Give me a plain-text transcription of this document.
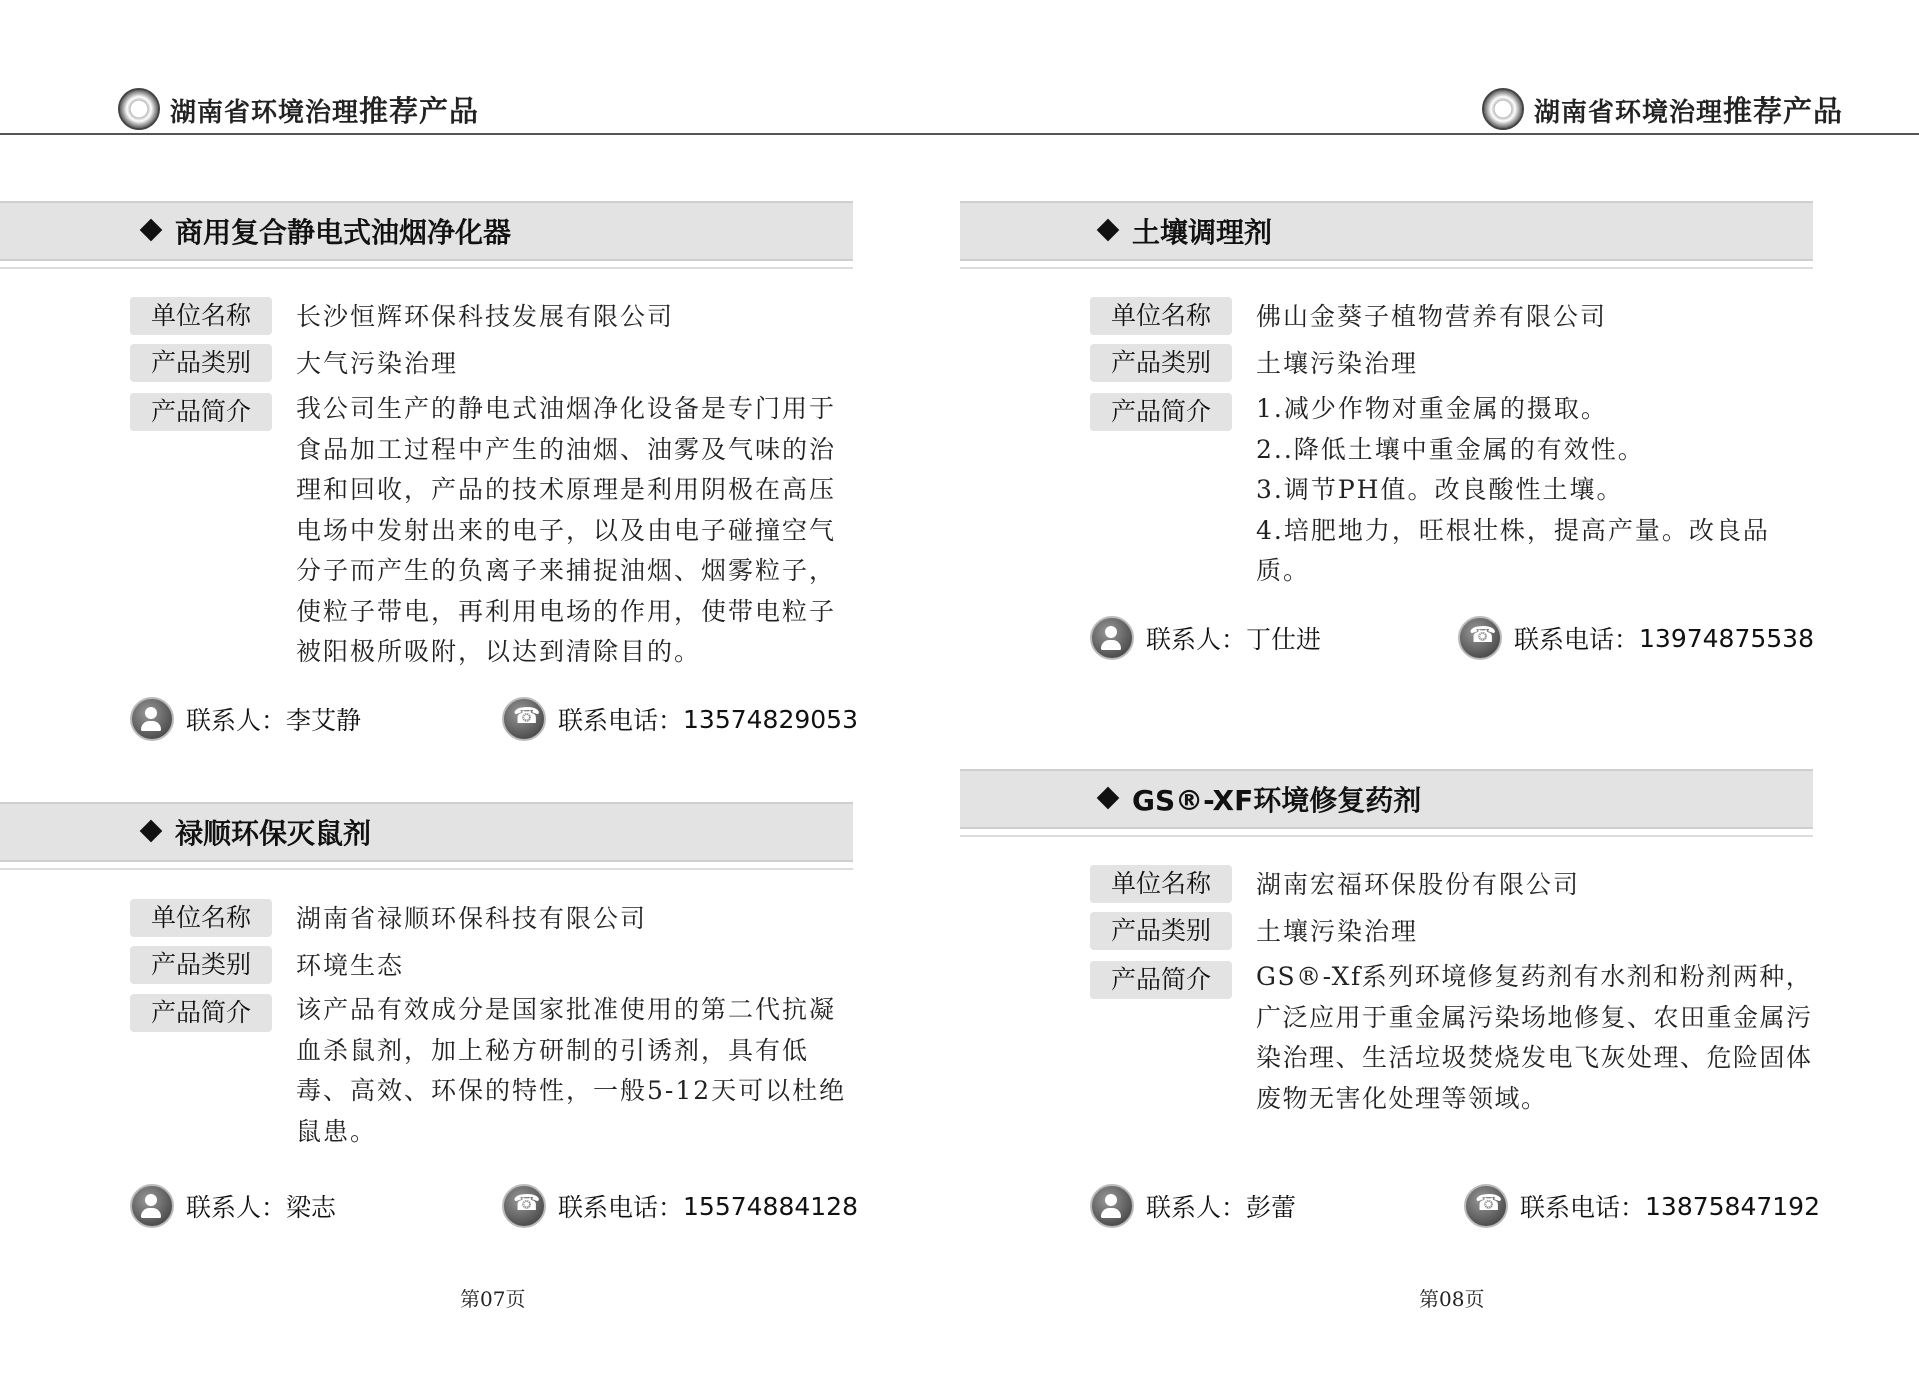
湖南省环境治理推荐产品	湖南省环境治理推荐产品
商用复合静电式油烟净化器
单位名称	长沙恒辉环保科技发展有限公司
产品类别	大气污染治理
产品简介	我公司生产的静电式油烟净化设备是专门用于食品加工过程中产生的油烟、油雾及气味的治理和回收，产品的技术原理是利用阴极在高压电场中发射出来的电子，以及由电子碰撞空气分子而产生的负离子来捕捉油烟、烟雾粒子，使粒子带电，再利用电场的作用，使带电粒子被阳极所吸附，以达到清除目的。
联系人： 李艾静 ☎	联系电话： 13574829053
禄顺环保灭鼠剂
单位名称	湖南省禄顺环保科技有限公司
产品类别	环境生态
产品简介	该产品有效成分是国家批准使用的第二代抗凝血杀鼠剂，加上秘方研制的引诱剂，具有低毒、高效、环保的特性，一般5-12天可以杜绝鼠患。
联系人： 梁志 ☎	联系电话： 15574884128
第07页
土壤调理剂
单位名称	佛山金葵子植物营养有限公司
产品类别	土壤污染治理
产品简介	1.减少作物对重金属的摄取。

2..降低土壤中重金属的有效性。

3.调节PH值。改良酸性土壤。

4.培肥地力，旺根壮株，提高产量。改良品质。

联系人： 丁仕进 ☎	联系电话： 13974875538
GS®-XF环境修复药剂
单位名称	湖南宏福环保股份有限公司
产品类别	土壤污染治理
产品简介	GS®-Xf系列环境修复药剂有水剂和粉剂两种，广泛应用于重金属污染场地修复、农田重金属污染治理、生活垃圾焚烧发电飞灰处理、危险固体废物无害化处理等领域。
联系人： 彭蕾 ☎	联系电话： 13875847192
第08页
